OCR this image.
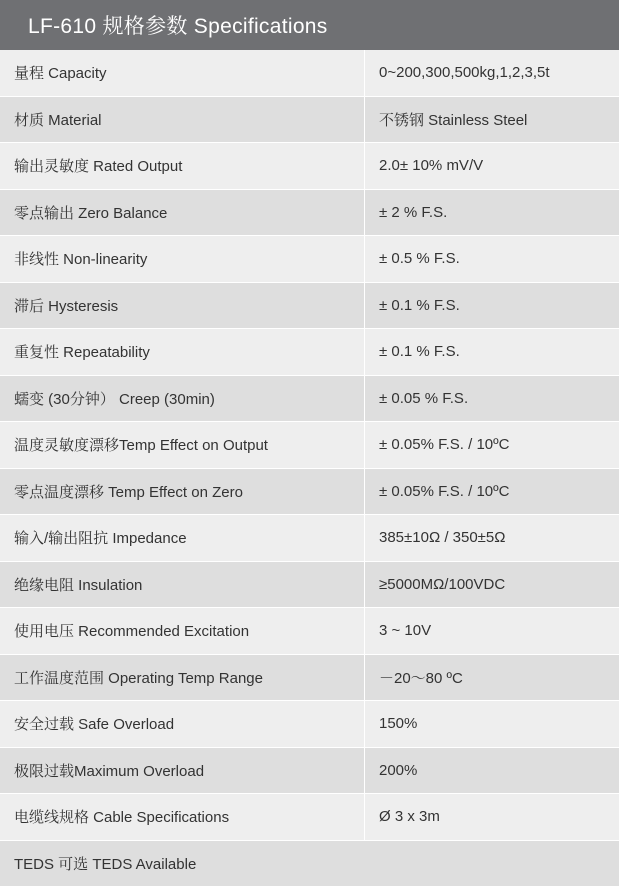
LF-610 规格参数 Specifications
量程 Capacity	0~200,300,500kg,1,2,3,5t
材质 Material	不锈钢 Stainless Steel
输出灵敏度 Rated Output	2.0± 10% mV/V
零点输出 Zero Balance	± 2 % F.S.
非线性 Non-linearity	± 0.5 % F.S.
滞后 Hysteresis	± 0.1 % F.S.
重复性 Repeatability	± 0.1 % F.S.
蠕变 (30分钟） Creep (30min)	± 0.05 % F.S.
温度灵敏度漂移Temp Effect on Output	± 0.05% F.S. / 10ºC
零点温度漂移 Temp Effect on Zero	± 0.05% F.S. / 10ºC
输入/输出阻抗 Impedance	385±10Ω / 350±5Ω
绝缘电阻 Insulation	≥5000MΩ/100VDC
使用电压 Recommended Excitation	3 ~ 10V
工作温度范围 Operating Temp Range	－20～80 ºC
安全过载 Safe Overload	150%
极限过载Maximum Overload	200%
电缆线规格 Cable Specifications	Ø 3 x 3m
TEDS 可选 TEDS Available
